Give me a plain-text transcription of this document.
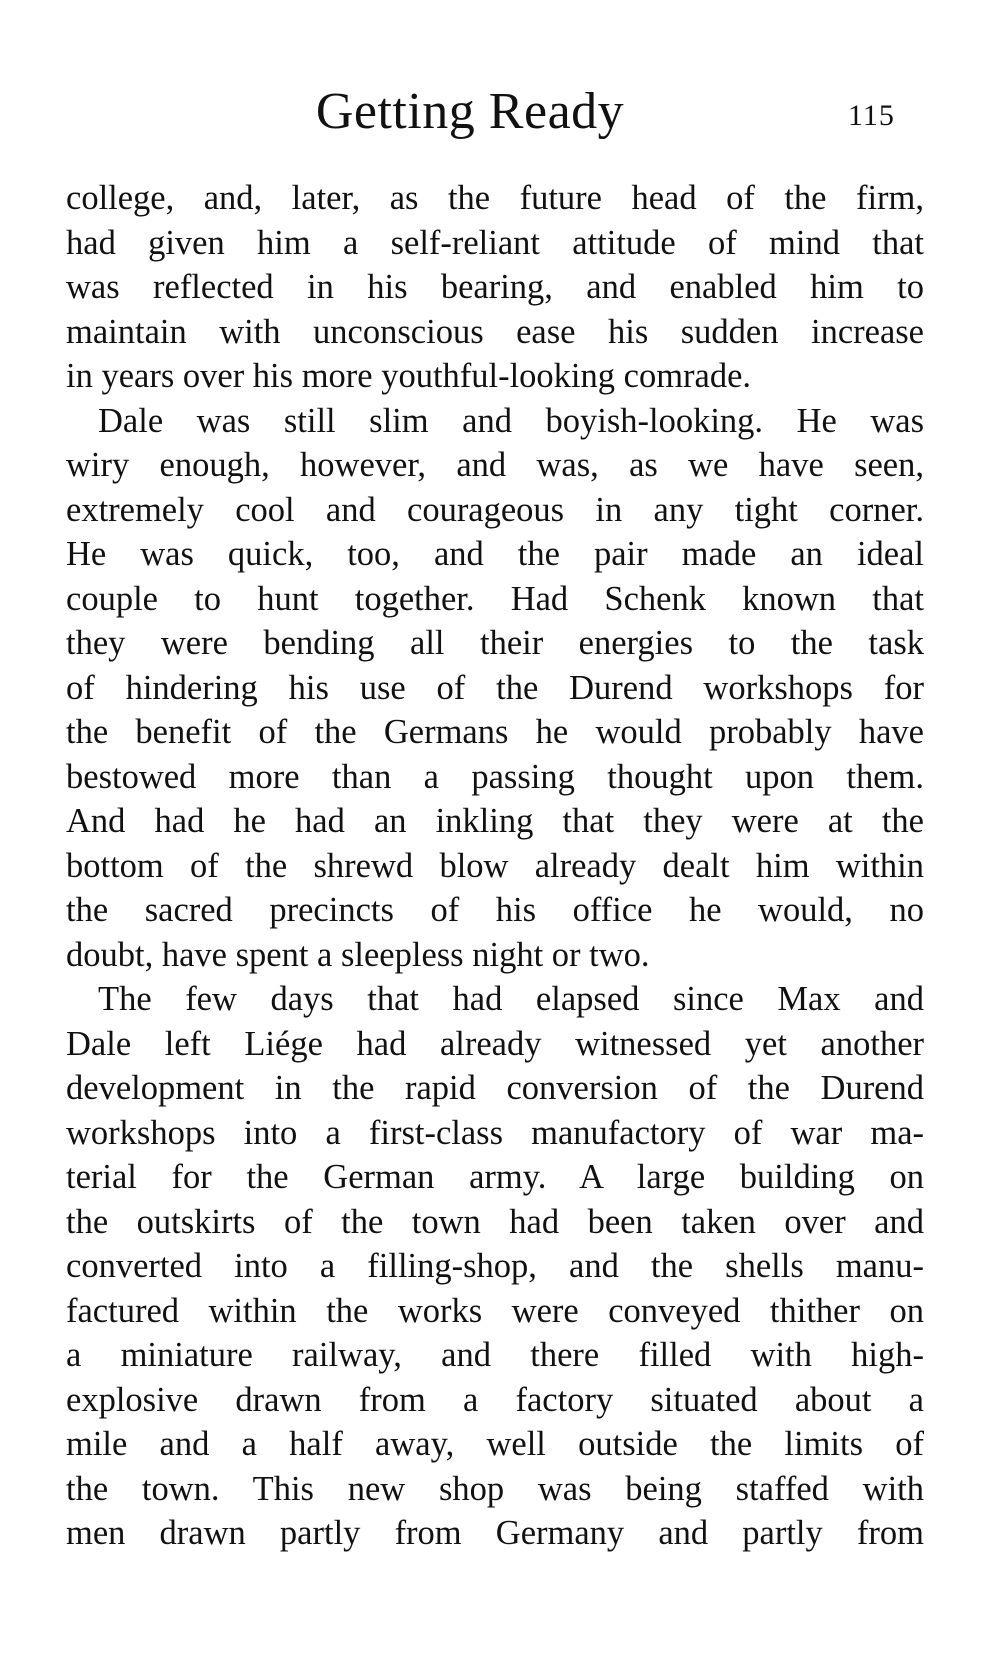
Getting Ready	115
college, and, later, as the future head of the firm,
had given him a self-reliant attitude of mind that
was reflected in his bearing, and enabled him to
maintain with unconscious ease his sudden increase
in years over his more youthful-looking comrade.
Dale was still slim and boyish-looking. He was
wiry enough, however, and was, as we have seen,
extremely cool and courageous in any tight corner.
He was quick, too, and the pair made an ideal
couple to hunt together. Had Schenk known that
they were bending all their energies to the task
of hindering his use of the Durend workshops for
the benefit of the Germans he would probably have
bestowed more than a passing thought upon them.
And had he had an inkling that they were at the
bottom of the shrewd blow already dealt him within
the sacred precincts of his office he would, no
doubt, have spent a sleepless night or two.
The few days that had elapsed since Max and
Dale left Liége had already witnessed yet another
development in the rapid conversion of the Durend
workshops into a first-class manufactory of war ma-
terial for the German army. A large building on
the outskirts of the town had been taken over and
converted into a filling-shop, and the shells manu-
factured within the works were conveyed thither on
a miniature railway, and there filled with high-
explosive drawn from a factory situated about a
mile and a half away, well outside the limits of
the town. This new shop was being staffed with
men drawn partly from Germany and partly from
